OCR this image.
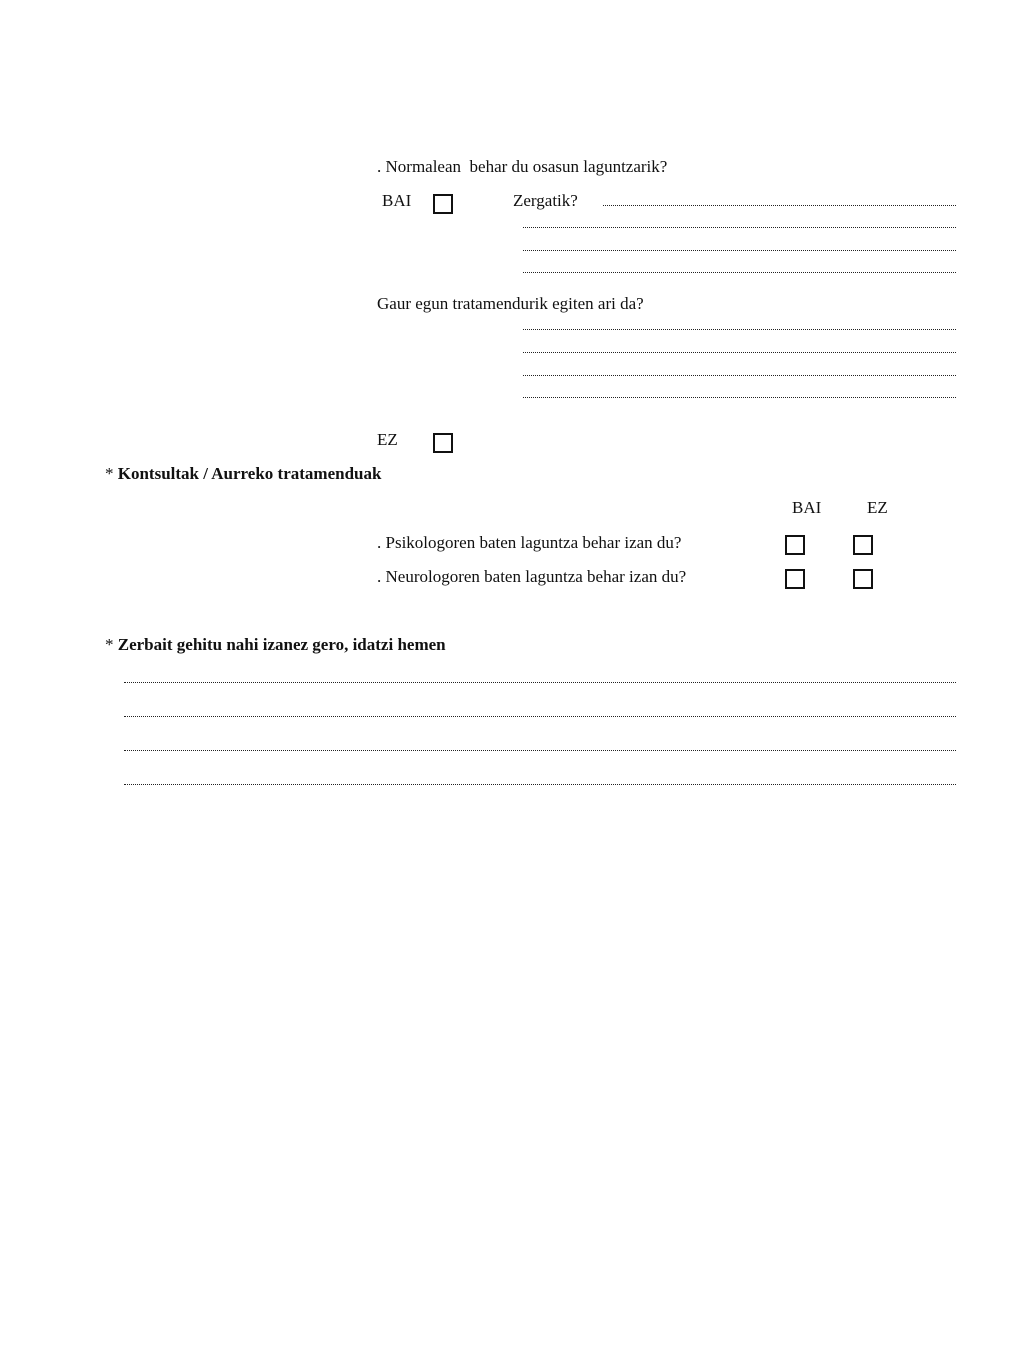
. Normalean  behar du osasun laguntzarik?
BAI	Zergatik?
Gaur egun tratamendurik egiten ari da?
EZ
* Kontsultak / Aurreko tratamenduak
BAI	EZ
. Psikologoren baten laguntza behar izan du?
. Neurologoren baten laguntza behar izan du?
* Zerbait gehitu nahi izanez gero, idatzi hemen
